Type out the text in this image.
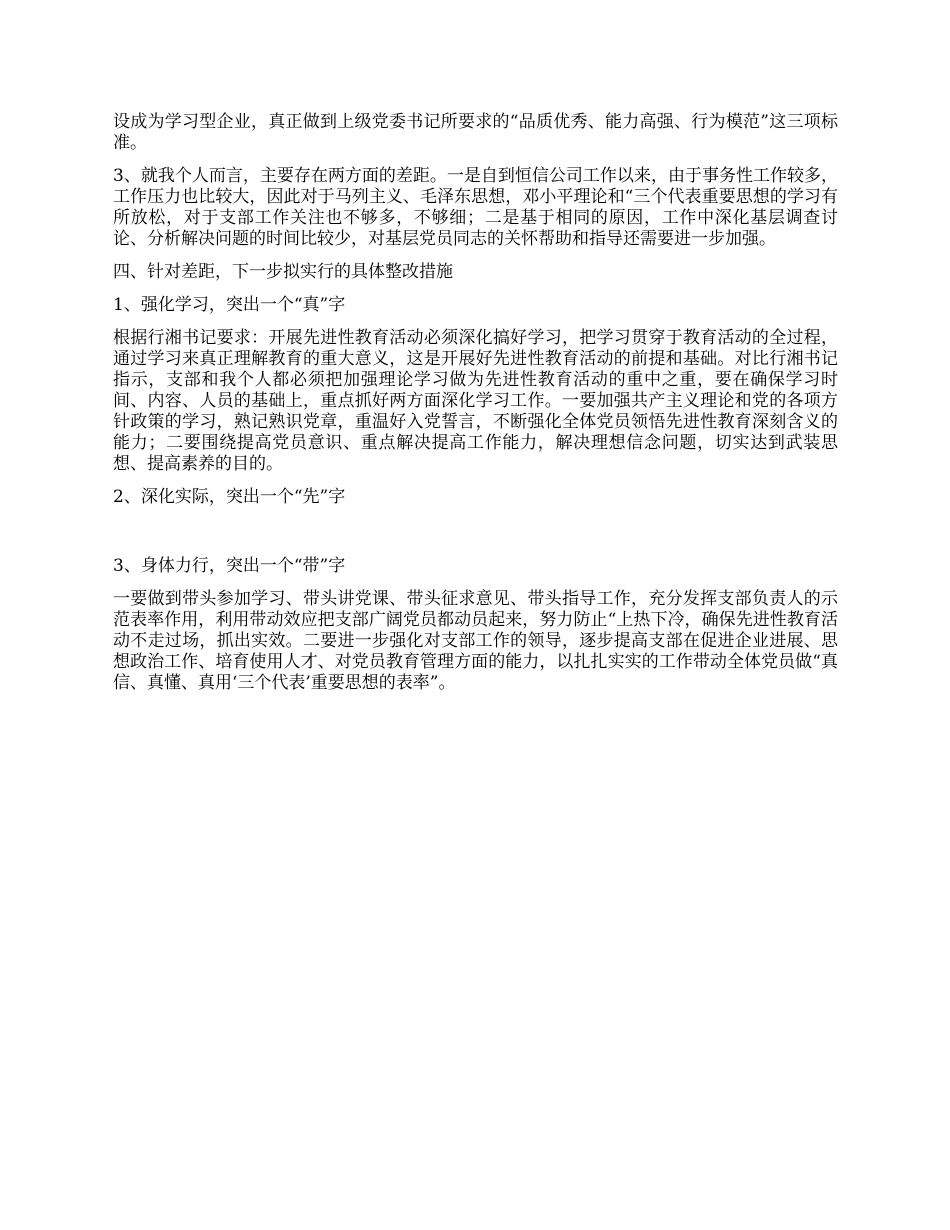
设成为学习型企业，真正做到上级党委书记所要求的“品质优秀、能力高强、行为模范”这三项标准。

3、就我个人而言，主要存在两方面的差距。一是自到恒信公司工作以来，由于事务性工作较多，工作压力也比较大，因此对于马列主义、毛泽东思想，邓小平理论和“三个代表重要思想的学习有所放松，对于支部工作关注也不够多，不够细；二是基于相同的原因，工作中深化基层调查讨论、分析解决问题的时间比较少，对基层党员同志的关怀帮助和指导还需要进一步加强。

四、针对差距，下一步拟实行的具体整改措施

1、强化学习，突出一个“真”字

根据行湘书记要求：开展先进性教育活动必须深化搞好学习，把学习贯穿于教育活动的全过程，通过学习来真正理解教育的重大意义，这是开展好先进性教育活动的前提和基础。对比行湘书记指示，支部和我个人都必须把加强理论学习做为先进性教育活动的重中之重，要在确保学习时间、内容、人员的基础上，重点抓好两方面深化学习工作。一要加强共产主义理论和党的各项方针政策的学习，熟记熟识党章，重温好入党誓言，不断强化全体党员领悟先进性教育深刻含义的能力；二要围绕提高党员意识、重点解决提高工作能力，解决理想信念问题，切实达到武装思想、提高素养的目的。

2、深化实际，突出一个“先”字

3、身体力行，突出一个“带”字

一要做到带头参加学习、带头讲党课、带头征求意见、带头指导工作，充分发挥支部负责人的示范表率作用，利用带动效应把支部广阔党员都动员起来，努力防止“上热下冷，确保先进性教育活动不走过场，抓出实效。二要进一步强化对支部工作的领导，逐步提高支部在促进企业进展、思想政治工作、培育使用人才、对党员教育管理方面的能力，以扎扎实实的工作带动全体党员做“真信、真懂、真用‘三个代表’重要思想的表率”。
